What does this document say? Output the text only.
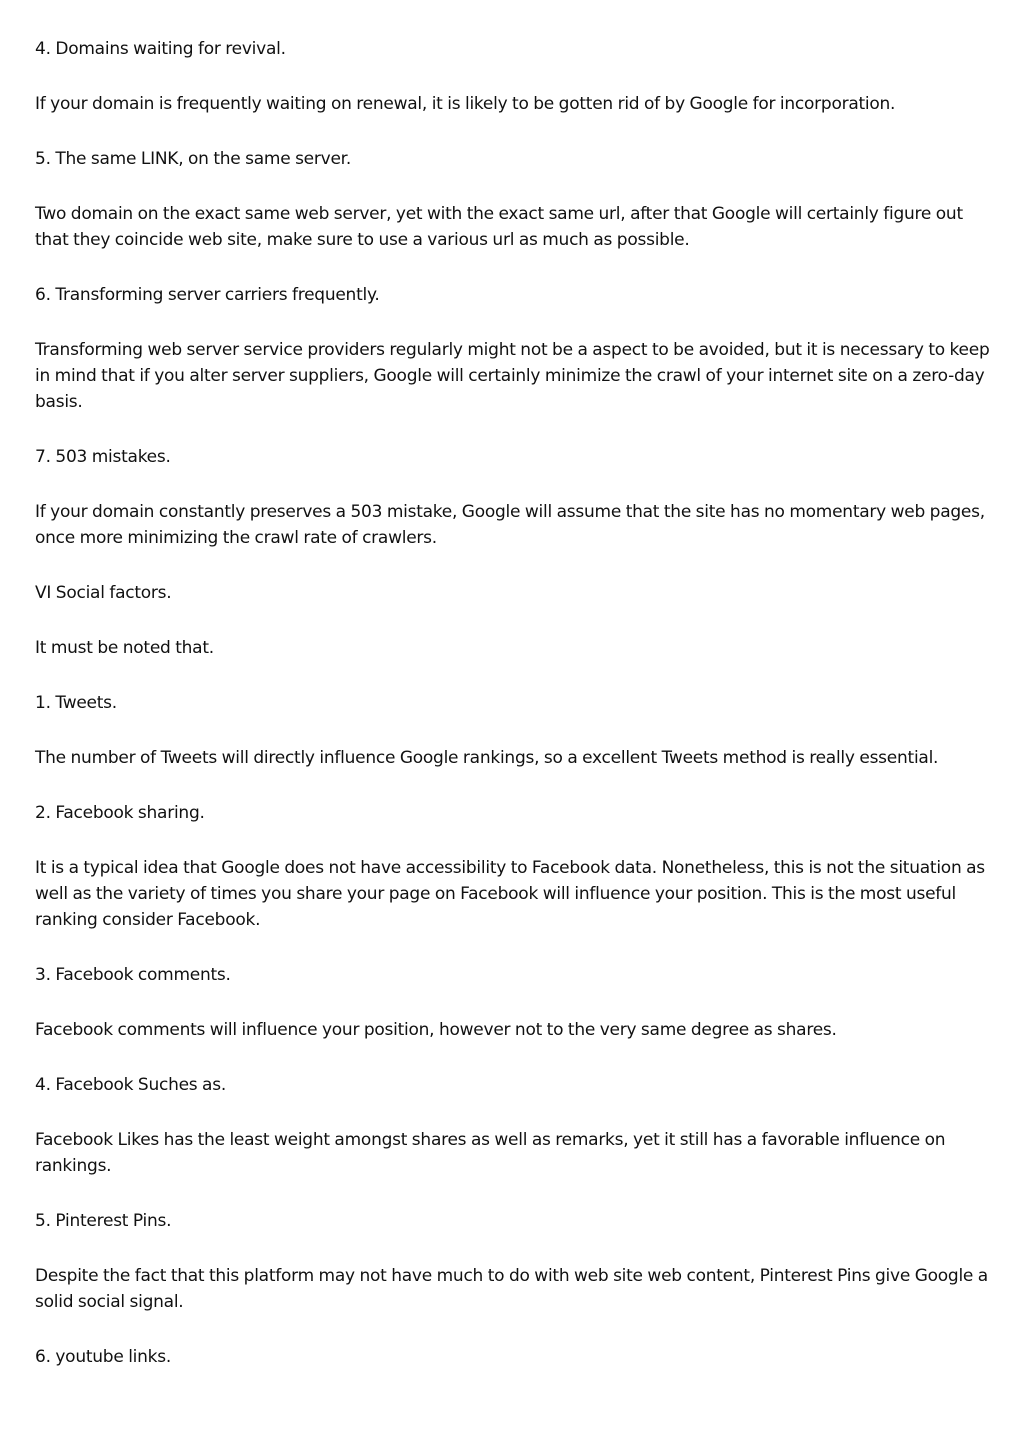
4. Domains waiting for revival.

If your domain is frequently waiting on renewal, it is likely to be gotten rid of by Google for incorporation.

5. The same LINK, on the same server.

Two domain on the exact same web server, yet with the exact same url, after that Google will certainly figure out that they coincide web site, make sure to use a various url as much as possible.

6. Transforming server carriers frequently.

Transforming web server service providers regularly might not be a aspect to be avoided, but it is necessary to keep in mind that if you alter server suppliers, Google will certainly minimize the crawl of your internet site on a zero-day basis.

7. 503 mistakes.

If your domain constantly preserves a 503 mistake, Google will assume that the site has no momentary web pages, once more minimizing the crawl rate of crawlers.

VI Social factors.

It must be noted that.

1. Tweets.

The number of Tweets will directly influence Google rankings, so a excellent Tweets method is really essential.

2. Facebook sharing.

It is a typical idea that Google does not have accessibility to Facebook data. Nonetheless, this is not the situation as well as the variety of times you share your page on Facebook will influence your position. This is the most useful ranking consider Facebook.

3. Facebook comments.

Facebook comments will influence your position, however not to the very same degree as shares.

4. Facebook Suches as.

Facebook Likes has the least weight amongst shares as well as remarks, yet it still has a favorable influence on rankings.

5. Pinterest Pins.

Despite the fact that this platform may not have much to do with web site web content, Pinterest Pins give Google a solid social signal.

6. youtube links.
